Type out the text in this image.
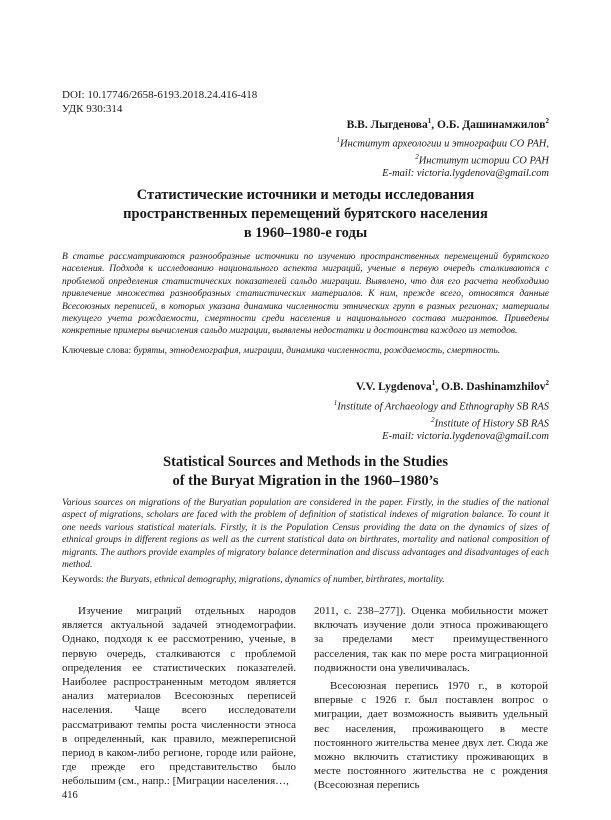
DOI: 10.17746/2658-6193.2018.24.416-418
УДК 930:314
В.В. Лыгденова$^1$, О.Б. Дашинамжилов$^2$
$^1$Институт археологии и этнографии СО РАН,
$^2$Институт истории СО РАН
E-mail: victoria.lygdenova@gmail.com
Статистические источники и методы исследования
пространственных перемещений бурятского населения
в 1960–1980-е годы
В статье рассматриваются разнообразные источники по изучению пространственных перемещений бурятского населения. Подходя к исследованию национального аспекта миграций, ученые в первую очередь сталкиваются с проблемой определения статистических показателей сальдо миграции. Выявлено, что для его расчета необходимо привлечение множества разнообразных статистических материалов. К ним, прежде всего, относятся данные Всесоюзных переписей, в которых указана динамика численности этнических групп в разных регионах; материалы текущего учета рождаемости, смертности среди населения и национального состава мигрантов. Приведены конкретные примеры вычисления сальдо миграции, выявлены недостатки и достоинства каждого из методов.
Ключевые слова: буряты, этнодемография, миграции, динамика численности, рождаемость, смертность.
V.V. Lygdenova$^1$, O.B. Dashinamzhilov$^2$
$^1$Institute of Archaeology and Ethnography SB RAS
$^2$Institute of History SB RAS
E-mail: victoria.lygdenova@gmail.com
Statistical Sources and Methods in the Studies
of the Buryat Migration in the 1960–1980’s
Various sources on migrations of the Buryatian population are considered in the paper. Firstly, in the studies of the national aspect of migrations, scholars are faced with the problem of definition of statistical indexes of migration balance. To count it one needs various statistical materials. Firstly, it is the Population Census providing the data on the dynamics of sizes of ethnical groups in different regions as well as the current statistical data on birthrates, mortality and national composition of migrants. The authors provide examples of migratory balance determination and discuss advantages and disadvantages of each method.
Keywords: the Buryats, ethnical demography, migrations, dynamics of number, birthrates, mortality.

Изучение миграций отдельных народов является актуальной задачей этнодемографии. Однако, подходя к ее рассмотрению, ученые, в первую очередь, сталкиваются с проблемой определения ее статистических показателей. Наиболее распространенным методом является анализ материалов Всесоюзных переписей населения. Чаще всего исследователи рассматривают темпы роста численности этноса в определенный, как правило, межпереписной период в каком-либо регионе, городе или районе, где прежде его представительство было небольшим (см., напр.: [Миграции населения…,

2011, с. 238–277]). Оценка мобильности может включать изучение доли этноса проживающего за пределами мест преимущественного расселения, так как по мере роста миграционной подвижности она увеличивалась.

Всесоюзная перепись 1970 г., в которой впервые с 1926 г. был поставлен вопрос о миграции, дает возможность выявить удельный вес населения, проживающего в месте постоянного жительства менее двух лет. Сюда же можно включить статистику проживающих в месте постоянного жительства не с рождения (Всесоюзная перепись

416
